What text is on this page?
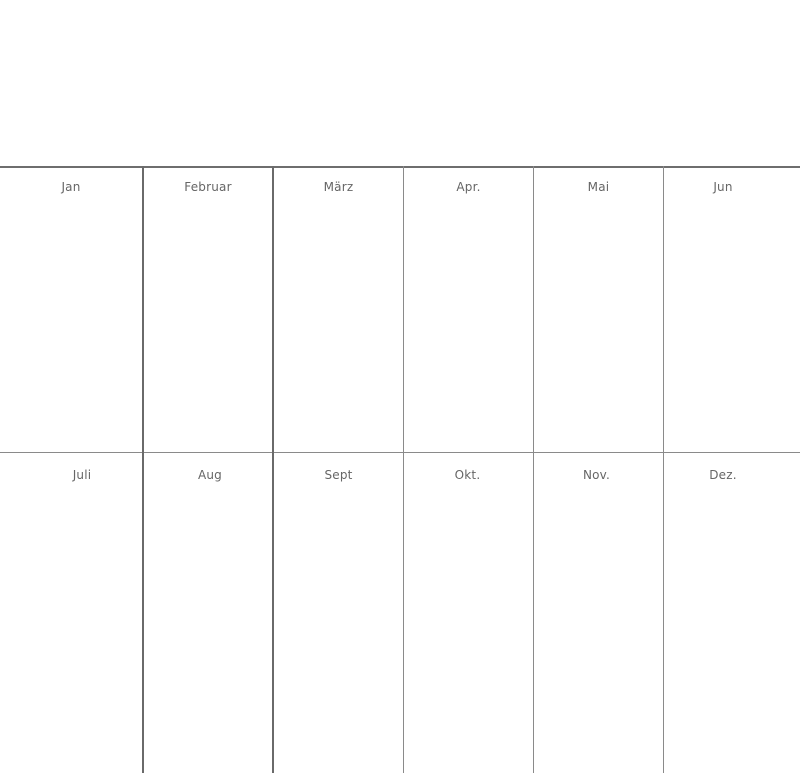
Jan	Februar	März	Apr.	Mai	Jun
Juli	Aug	Sept	Okt.	Nov.	Dez.
